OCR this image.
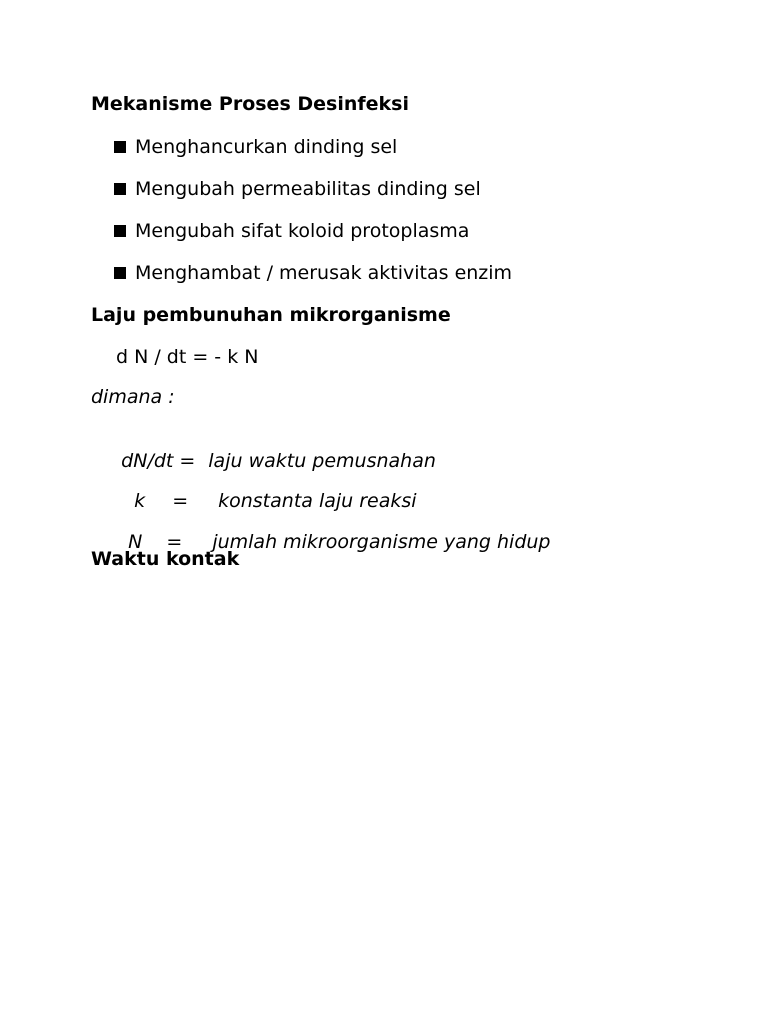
Mekanisme Proses Desinfeksi
Menghancurkan dinding sel
Mengubah permeabilitas dinding sel
Mengubah sifat koloid protoplasma
Menghambat / merusak aktivitas enzim
Laju pembunuhan mikrorganisme
d N / dt = - k N
dimana :

dN/dt = laju waktu pemusnahan

k = konstanta laju reaksi

N = jumlah mikroorganisme yang hidup

Waktu kontak
